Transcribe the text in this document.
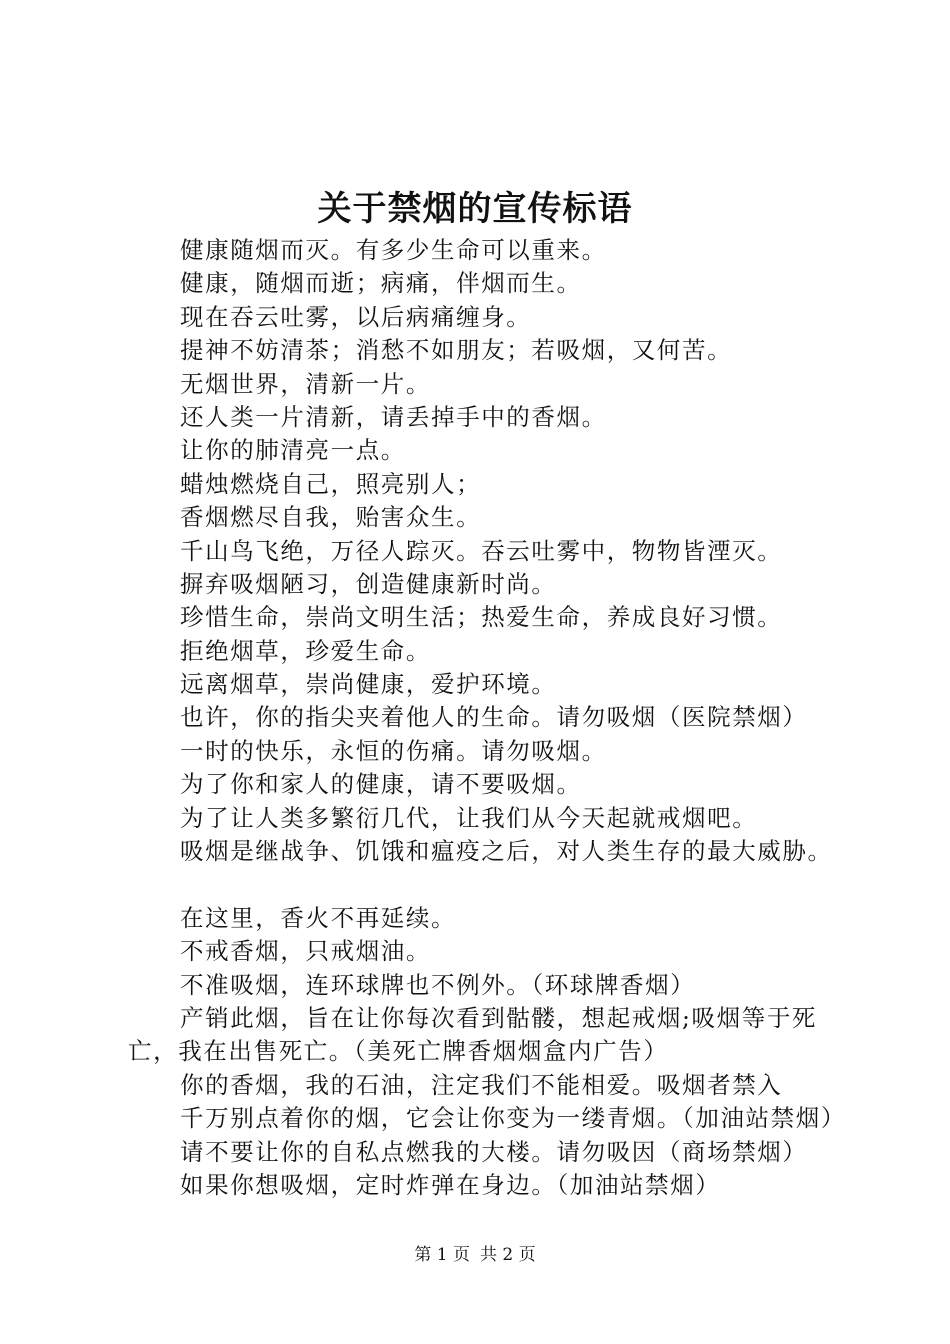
关于禁烟的宣传标语
健康随烟而灭。有多少生命可以重来。
健康，随烟而逝；病痛，伴烟而生。
现在吞云吐雾，以后病痛缠身。
提神不妨清茶；消愁不如朋友；若吸烟，又何苦。
无烟世界，清新一片。
还人类一片清新，请丢掉手中的香烟。
让你的肺清亮一点。
蜡烛燃烧自己，照亮别人；
香烟燃尽自我，贻害众生。
千山鸟飞绝，万径人踪灭。吞云吐雾中，物物皆湮灭。
摒弃吸烟陋习，创造健康新时尚。
珍惜生命，崇尚文明生活；热爱生命，养成良好习惯。
拒绝烟草，珍爱生命。
远离烟草，崇尚健康，爱护环境。
也许，你的指尖夹着他人的生命。请勿吸烟（医院禁烟）
一时的快乐，永恒的伤痛。请勿吸烟。
为了你和家人的健康，请不要吸烟。
为了让人类多繁衍几代，让我们从今天起就戒烟吧。
吸烟是继战争、饥饿和瘟疫之后，对人类生存的最大威胁。
在这里，香火不再延续。
不戒香烟，只戒烟油。
不准吸烟，连环球牌也不例外。（环球牌香烟）
产销此烟，旨在让你每次看到骷髅，想起戒烟;吸烟等于死亡，我在出售死亡。（美死亡牌香烟烟盒内广告）
你的香烟，我的石油，注定我们不能相爱。吸烟者禁入
千万别点着你的烟，它会让你变为一缕青烟。（加油站禁烟）
请不要让你的自私点燃我的大楼。请勿吸因（商场禁烟）
如果你想吸烟，定时炸弹在身边。（加油站禁烟）
第 1 页 共 2 页
